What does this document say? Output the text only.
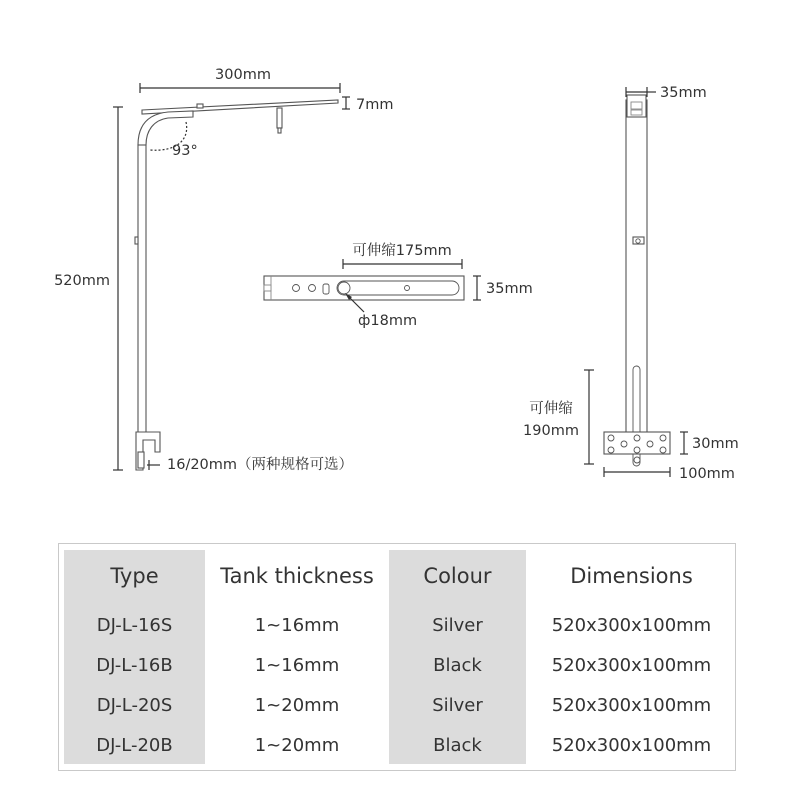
300mm
7mm
93°
520mm
16/20mm（两种规格可选）
可伸缩175mm
35mm
ф18mm
35mm
可伸缩
190mm
30mm
100mm
Type	Tank thickness	Colour	Dimensions
DJ-L-16S	1~16mm	Silver	520x300x100mm
DJ-L-16B	1~16mm	Black	520x300x100mm
DJ-L-20S	1~20mm	Silver	520x300x100mm
DJ-L-20B	1~20mm	Black	520x300x100mm
